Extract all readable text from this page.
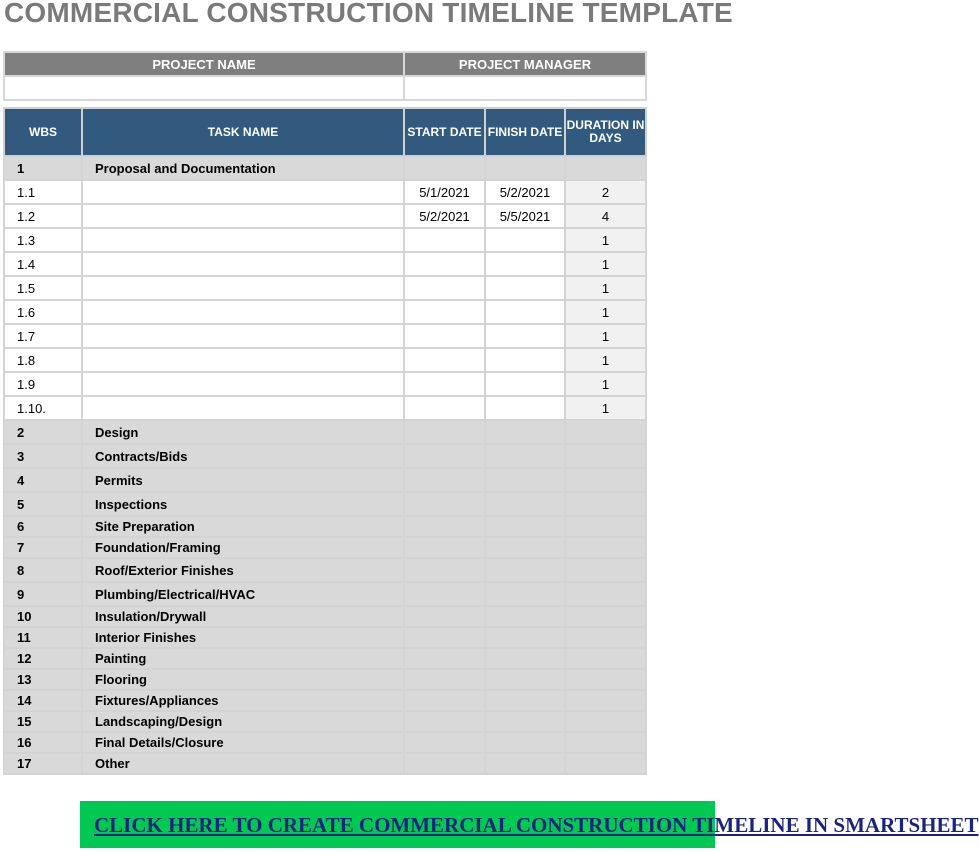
COMMERCIAL CONSTRUCTION TIMELINE TEMPLATE
PROJECT NAME	PROJECT MANAGER

WBS	TASK NAME	START DATE	FINISH DATE	DURATION IN DAYS
1	Proposal and Documentation			
1.1		5/1/2021	5/2/2021	2
1.2		5/2/2021	5/5/2021	4
1.3				1
1.4				1
1.5				1
1.6				1
1.7				1
1.8				1
1.9				1
1.10.				1
2	Design			
3	Contracts/Bids			
4	Permits			
5	Inspections			
6	Site Preparation			
7	Foundation/Framing			
8	Roof/Exterior Finishes			
9	Plumbing/Electrical/HVAC			
10	Insulation/Drywall			
11	Interior Finishes			
12	Painting			
13	Flooring			
14	Fixtures/Appliances			
15	Landscaping/Design			
16	Final Details/Closure			
17	Other			
CLICK HERE TO CREATE COMMERCIAL CONSTRUCTION TIMELINE IN SMARTSHEET
